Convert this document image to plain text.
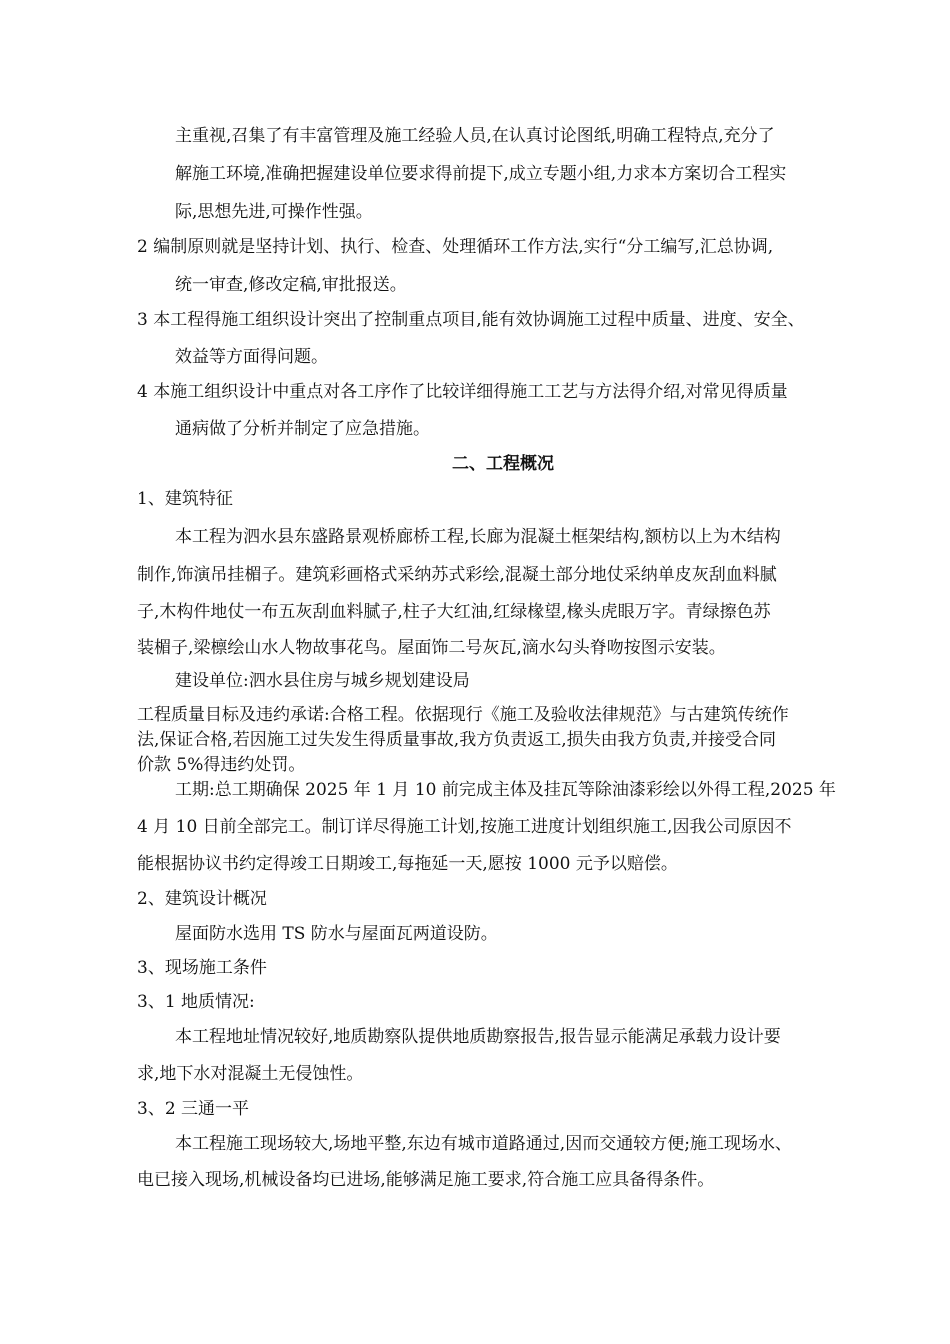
主重视,召集了有丰富管理及施工经验人员,在认真讨论图纸,明确工程特点,充分了
解施工环境,准确把握建设单位要求得前提下,成立专题小组,力求本方案切合工程实
际,思想先进,可操作性强。
2 编制原则就是坚持计划、执行、检查、处理循环工作方法,实行“分工编写,汇总协调,
统一审查,修改定稿,审批报送。
3 本工程得施工组织设计突出了控制重点项目,能有效协调施工过程中质量、进度、安全、
效益等方面得问题。
4 本施工组织设计中重点对各工序作了比较详细得施工工艺与方法得介绍,对常见得质量
通病做了分析并制定了应急措施。
二、工程概况
1、建筑特征
本工程为泗水县东盛路景观桥廊桥工程,长廊为混凝土框架结构,额枋以上为木结构
制作,饰演吊挂楣子。建筑彩画格式采纳苏式彩绘,混凝土部分地仗采纳单皮灰刮血料腻
子,木构件地仗一布五灰刮血料腻子,柱子大红油,红绿椽望,椽头虎眼万字。青绿擦色苏
装楣子,梁檩绘山水人物故事花鸟。屋面饰二号灰瓦,滴水勾头脊吻按图示安装。
建设单位:泗水县住房与城乡规划建设局
工程质量目标及违约承诺:合格工程。依据现行《施工及验收法律规范》与古建筑传统作
法,保证合格,若因施工过失发生得质量事故,我方负责返工,损失由我方负责,并接受合同
价款 5%得违约处罚。
工期:总工期确保 2025 年 1 月 10 前完成主体及挂瓦等除油漆彩绘以外得工程,2025 年
4 月 10 日前全部完工。制订详尽得施工计划,按施工进度计划组织施工,因我公司原因不
能根据协议书约定得竣工日期竣工,每拖延一天,愿按 1000 元予以赔偿。
2、建筑设计概况
屋面防水选用 TS 防水与屋面瓦两道设防。
3、现场施工条件
3、1 地质情况:
本工程地址情况较好,地质勘察队提供地质勘察报告,报告显示能满足承载力设计要
求,地下水对混凝土无侵蚀性。
3、2 三通一平
本工程施工现场较大,场地平整,东边有城市道路通过,因而交通较方便;施工现场水、
电已接入现场,机械设备均已进场,能够满足施工要求,符合施工应具备得条件。
